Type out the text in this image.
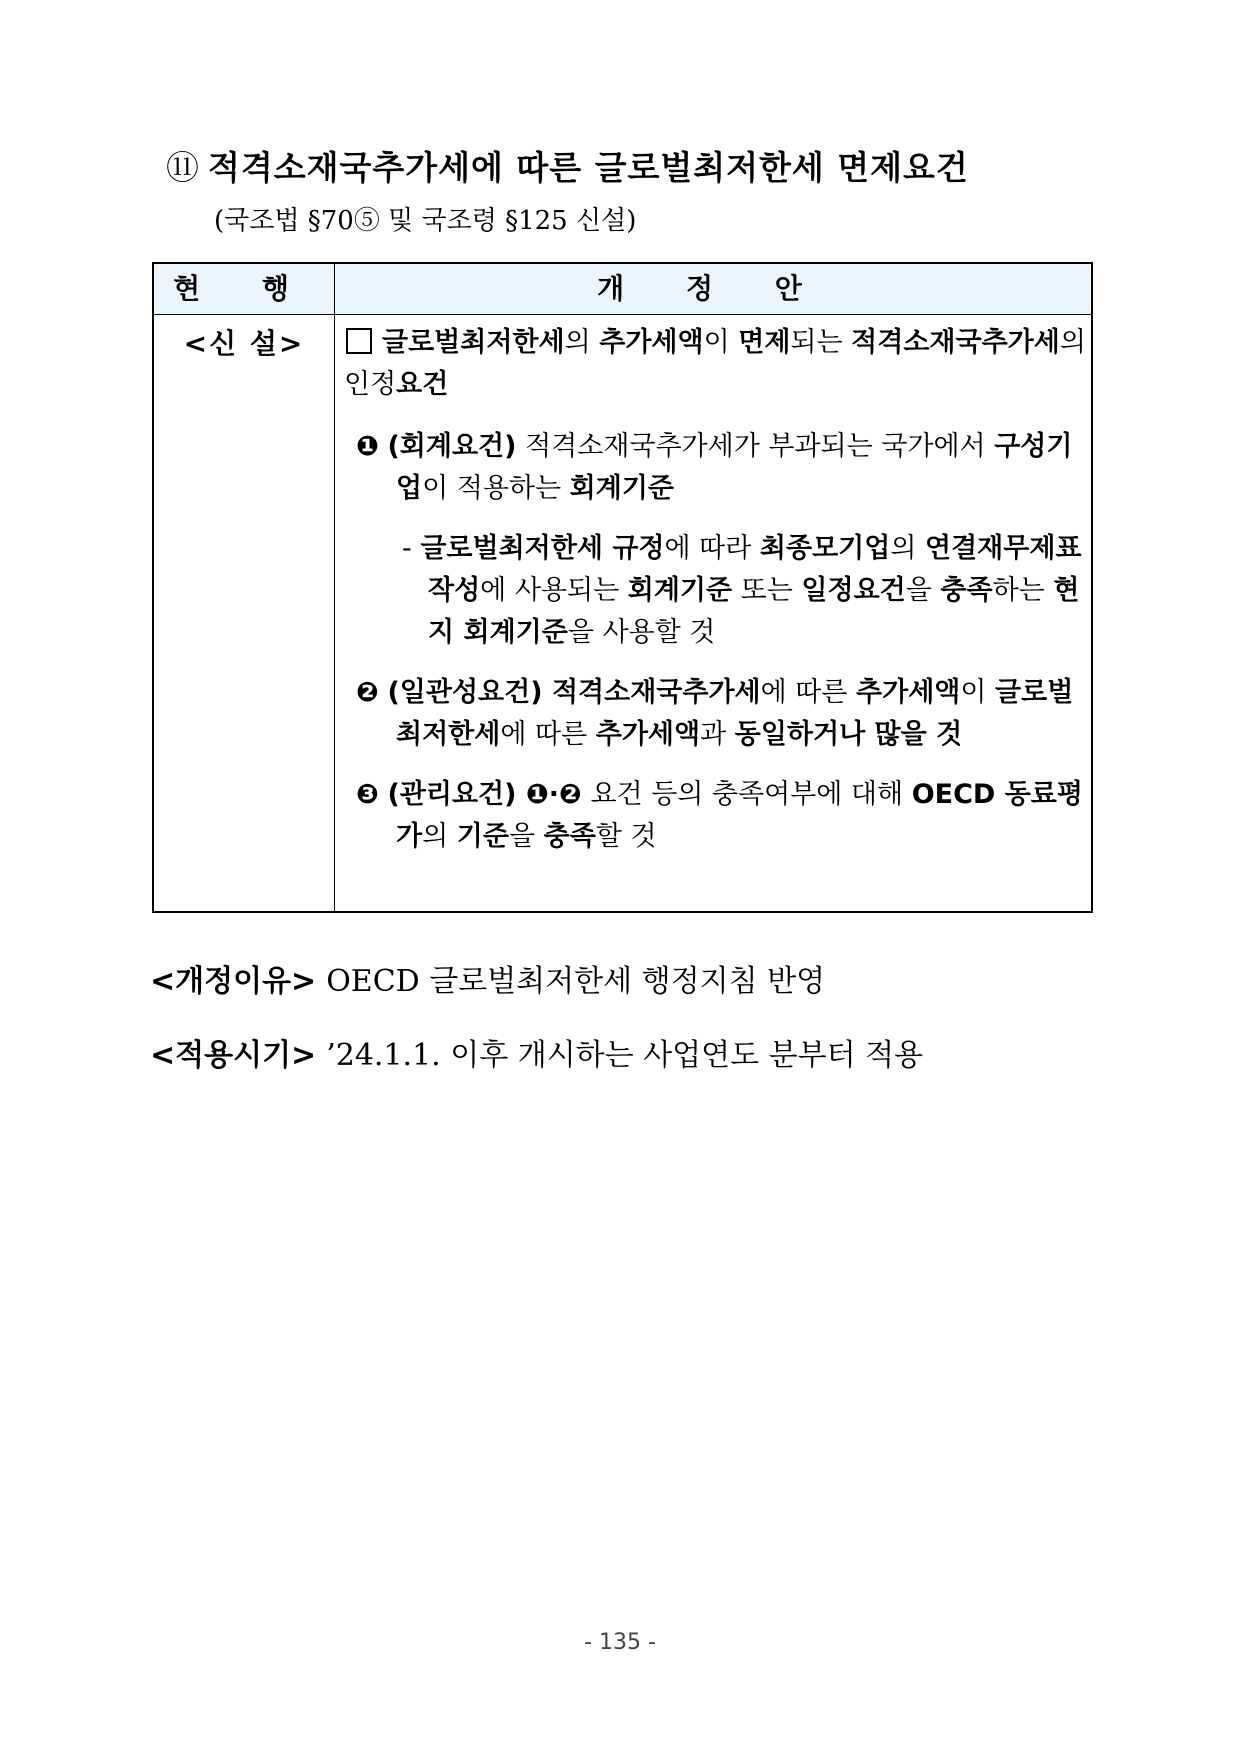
⑪ 적격소재국추가세에 따른 글로벌최저한세 면제요건
(국조법 §70⑤ 및 국조령 §125 신설)
현 행	개 정 안
<신 설>	글로벌최저한세의 추가세액이 면제되는 적격소재국추가세의 인정요건

❶ (회계요건) 적격소재국추가세가 부과되는 국가에서 구성기업이 적용하는 회계기준

- 글로벌최저한세 규정에 따라 최종모기업의 연결재무제표 작성에 사용되는 회계기준 또는 일정요건을 충족하는 현지 회계기준을 사용할 것

❷ (일관성요건) 적격소재국추가세에 따른 추가세액이 글로벌최저한세에 따른 추가세액과 동일하거나 많을 것

❸ (관리요건) ❶·❷ 요건 등의 충족여부에 대해 OECD 동료평가의 기준을 충족할 것

<개정이유> OECD 글로벌최저한세 행정지침 반영
<적용시기> ’24.1.1. 이후 개시하는 사업연도 분부터 적용
- 135 -
